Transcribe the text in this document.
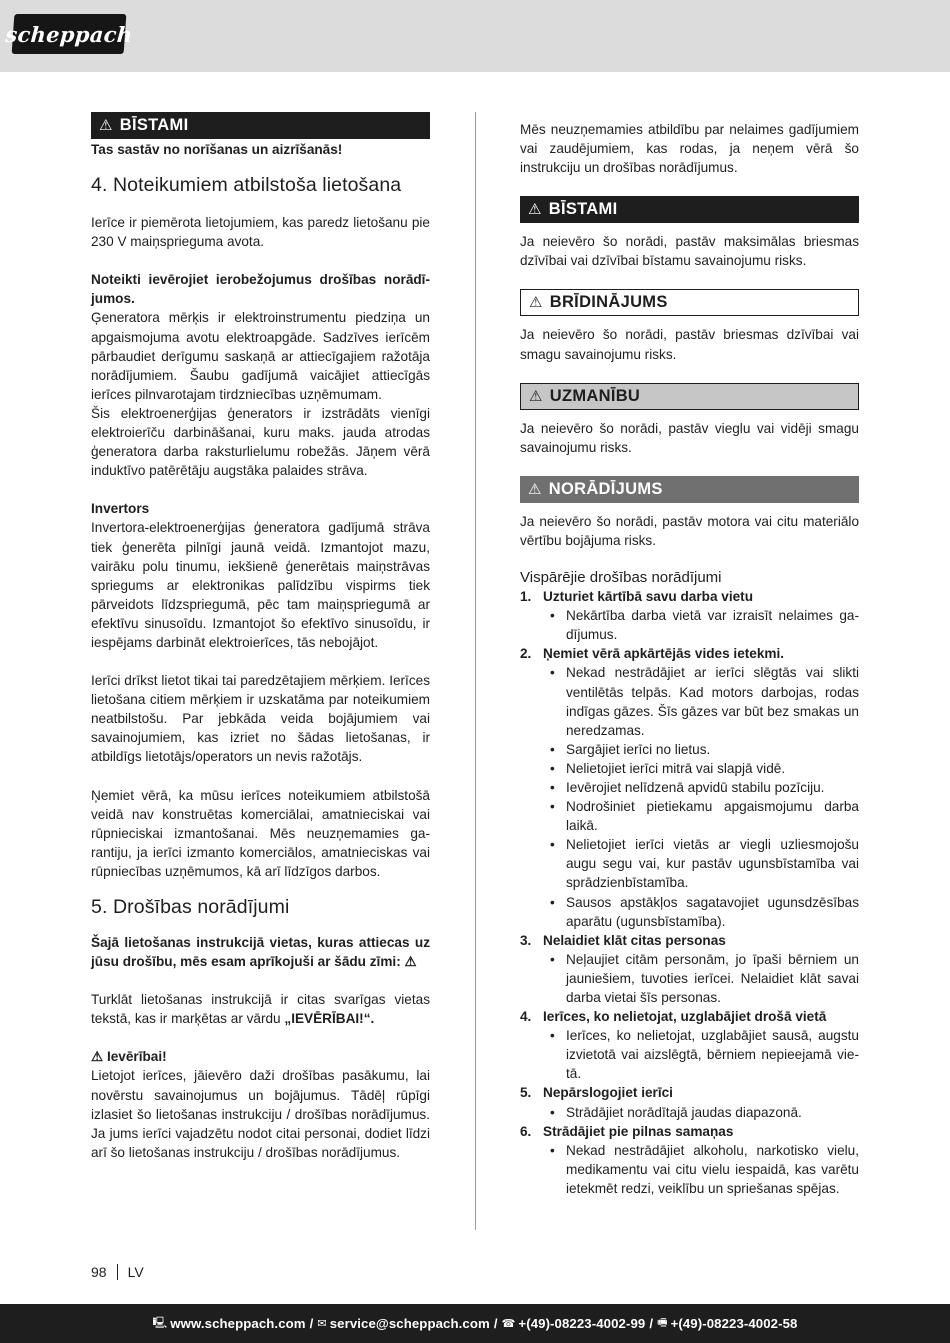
scheppach
⚠ BĪSTAMI

Tas sastāv no norīšanas un aizrīšanās!

4. Noteikumiem atbilstoša lietošana

Ierīce ir piemērota lietojumiem, kas paredz lietošanu pie 230 V maiņsprieguma avota.

Noteikti ievērojiet ierobežojumus drošības norādījumos.

Ģeneratora mērķis ir elektroinstrumentu piedziņa un apgaismojuma avotu elektroapgāde. Sadzīves ierīcēm pārbaudiet derīgumu saskaņā ar attiecīgajiem ražotāja norādījumiem. Šaubu gadījumā vaicājiet attiecīgās ierīces pilnvarotajam tirdzniecības uzņēmumam.

Šis elektroenerģijas ģenerators ir izstrādāts vienīgi elektroierīču darbināšanai, kuru maks. jauda atrodas ģeneratora darba raksturlielumu robežās. Jāņem vērā induktīvo patērētāju augstāka palaides strāva.

Invertors

Invertora-elektroenerģijas ģeneratora gadījumā strāva tiek ģenerēta pilnīgi jaunā veidā. Izmantojot mazu, vairāku polu tinumu, iekšienē ģenerētais maiņstrāvas spriegums ar elektronikas palīdzību vispirms tiek pārveidots līdzspriegumā, pēc tam maiņspriegumā ar efektīvu sinusoīdu. Izmantojot šo efektīvo sinusoīdu, ir iespējams darbināt elektroierīces, tās nebojājot.

Ierīci drīkst lietot tikai tai paredzētajiem mērķiem. Ierīces lietošana citiem mērķiem ir uzskatāma par noteikumiem neatbilstošu. Par jebkāda veida bojājumiem vai savainojumiem, kas izriet no šādas lietošanas, ir atbildīgs lietotājs/operators un nevis ražotājs.

Ņemiet vērā, ka mūsu ierīces noteikumiem atbilstošā veidā nav konstruētas komerciālai, amatnieciskai vai rūpnieciskai izmantošanai. Mēs neuzņemamies garantiju, ja ierīci izmanto komerciālos, amatnieciskas vai rūpniecības uzņēmumos, kā arī līdzīgos darbos.

5. Drošības norādījumi

Šajā lietošanas instrukcijā vietas, kuras attiecas uz jūsu drošību, mēs esam aprīkojuši ar šādu zīmi: ⚠

Turklāt lietošanas instrukcijā ir citas svarīgas vietas tekstā, kas ir marķētas ar vārdu „IEVĒRĪBAI!“.

⚠ Ievērībai!

Lietojot ierīces, jāievēro daži drošības pasākumu, lai novērstu savainojumus un bojājumus. Tādēļ rūpīgi izlasiet šo lietošanas instrukciju / drošības norādījumus. Ja jums ierīci vajadzētu nodot citai personai, dodiet līdzi arī šo lietošanas instrukciju / drošības norādījumus.

Mēs neuzņemamies atbildību par nelaimes gadījumiem vai zaudējumiem, kas rodas, ja neņem vērā šo instrukciju un drošības norādījumus.

⚠ BĪSTAMI

Ja neievēro šo norādi, pastāv maksimālas briesmas dzīvībai vai dzīvībai bīstamu savainojumu risks.

⚠ BRĪDINĀJUMS

Ja neievēro šo norādi, pastāv briesmas dzīvībai vai smagu savainojumu risks.

⚠ UZMANĪBU

Ja neievēro šo norādi, pastāv vieglu vai vidēji smagu savainojumu risks.

⚠ NORĀDĪJUMS

Ja neievēro šo norādi, pastāv motora vai citu materiālo vērtību bojājuma risks.

Vispārējie drošības norādījumi
1. Uzturiet kārtībā savu darba vietu
• Nekārtība darba vietā var izraisīt nelaimes gadījumus.
2. Ņemiet vērā apkārtējās vides ietekmi.
• Nekad nestrādājiet ar ierīci slēgtās vai slikti ventilētās telpās. Kad motors darbojas, rodas indīgas gāzes. Šīs gāzes var būt bez smakas un neredzamas.
• Sargājiet ierīci no lietus.
• Nelietojiet ierīci mitrā vai slapjā vidē.
• Ievērojiet nelīdzenā apvidū stabilu pozīciju.
• Nodrošiniet pietiekamu apgaismojumu darba laikā.
• Nelietojiet ierīci vietās ar viegli uzliesmojošu augu segu vai, kur pastāv ugunsbīstamība vai sprādzienbīstamība.
• Sausos apstākļos sagatavojiet ugunsdzēsības aparātu (ugunsbīstamība).
3. Nelaidiet klāt citas personas
• Neļaujiet citām personām, jo īpaši bērniem un jauniešiem, tuvoties ierīcei. Nelaidiet klāt savai darba vietai šīs personas.
4. Ierīces, ko nelietojat, uzglabājiet drošā vietā
• Ierīces, ko nelietojat, uzglabājiet sausā, augstu izvietotā vai aizslēgtā, bērniem nepieejamā vietā.
5. Nepārslogojiet ierīci
• Strādājiet norādītajā jaudas diapazonā.
6. Strādājiet pie pilnas samaņas
• Nekad nestrādājiet alkoholu, narkotisko vielu, medikamentu vai citu vielu iespaidā, kas varētu ietekmēt redzi, veiklību un spriešanas spējas.
98 LV
🖳 www.scheppach.com / ✉ service@scheppach.com / ☎ +(49)-08223-4002-99 / 🖷 +(49)-08223-4002-58
